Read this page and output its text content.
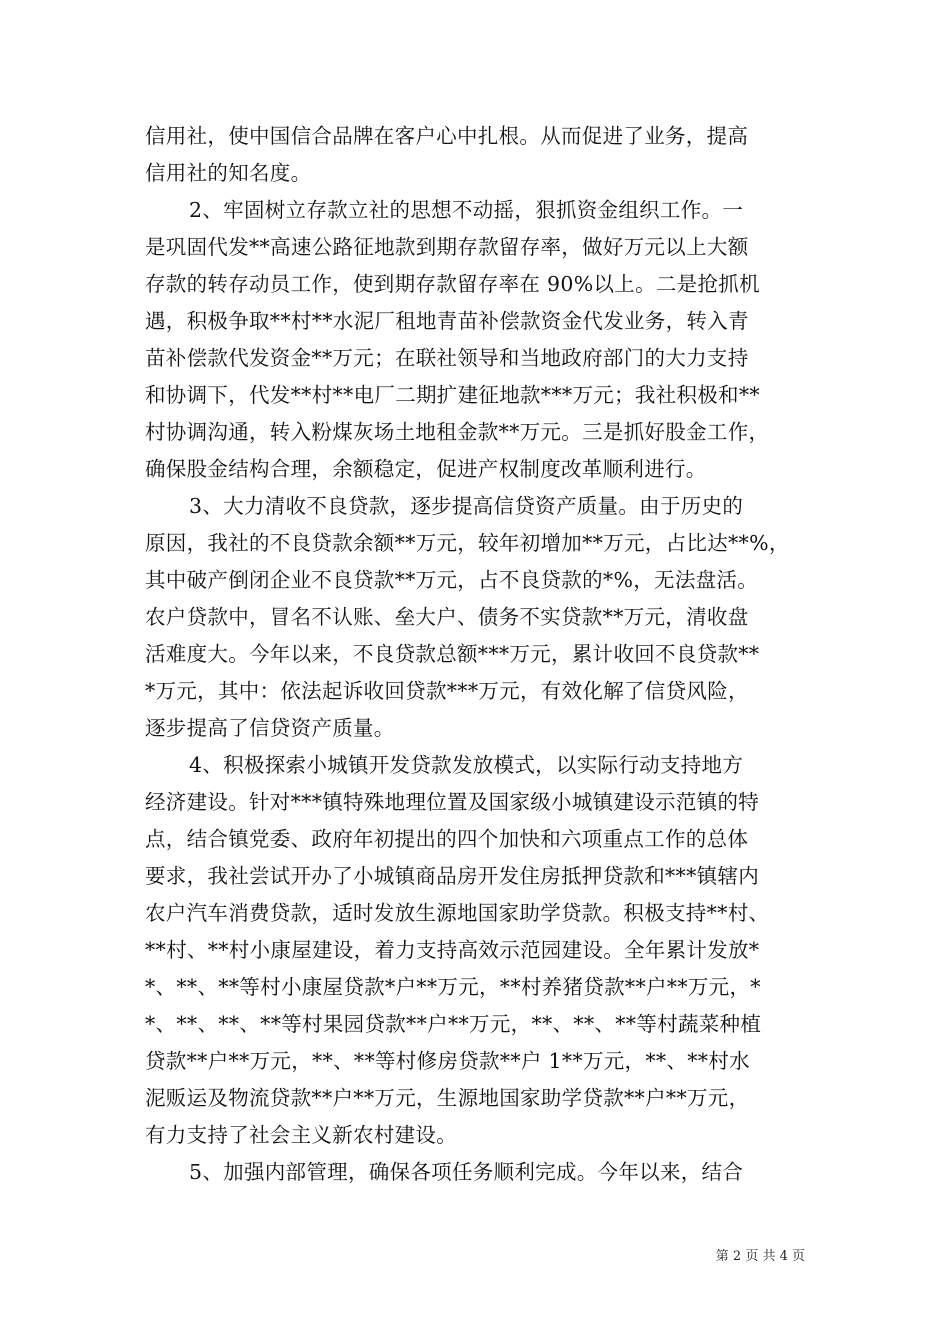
信用社，使中国信合品牌在客户心中扎根。从而促进了业务，提高
信用社的知名度。
2、牢固树立存款立社的思想不动摇，狠抓资金组织工作。一
是巩固代发**高速公路征地款到期存款留存率，做好万元以上大额
存款的转存动员工作，使到期存款留存率在 90%以上。二是抢抓机
遇，积极争取**村**水泥厂租地青苗补偿款资金代发业务，转入青
苗补偿款代发资金**万元；在联社领导和当地政府部门的大力支持
和协调下，代发**村**电厂二期扩建征地款***万元；我社积极和**
村协调沟通，转入粉煤灰场土地租金款**万元。三是抓好股金工作，
确保股金结构合理，余额稳定，促进产权制度改革顺利进行。
3、大力清收不良贷款，逐步提高信贷资产质量。由于历史的
原因，我社的不良贷款余额**万元，较年初增加**万元，占比达**%，
其中破产倒闭企业不良贷款**万元，占不良贷款的*%，无法盘活。
农户贷款中，冒名不认账、垒大户、债务不实贷款**万元，清收盘
活难度大。今年以来，不良贷款总额***万元，累计收回不良贷款**
*万元，其中：依法起诉收回贷款***万元，有效化解了信贷风险，
逐步提高了信贷资产质量。
4、积极探索小城镇开发贷款发放模式，以实际行动支持地方
经济建设。针对***镇特殊地理位置及国家级小城镇建设示范镇的特
点，结合镇党委、政府年初提出的四个加快和六项重点工作的总体
要求，我社尝试开办了小城镇商品房开发住房抵押贷款和***镇辖内
农户汽车消费贷款，适时发放生源地国家助学贷款。积极支持**村、
**村、**村小康屋建设，着力支持高效示范园建设。全年累计发放*
*、**、**等村小康屋贷款*户**万元，**村养猪贷款**户**万元，*
*、**、**、**等村果园贷款**户**万元，**、**、**等村蔬菜种植
贷款**户**万元，**、**等村修房贷款**户 1**万元，**、**村水
泥贩运及物流贷款**户**万元，生源地国家助学贷款**户**万元，
有力支持了社会主义新农村建设。
5、加强内部管理，确保各项任务顺利完成。今年以来，结合
第 2 页 共 4 页
